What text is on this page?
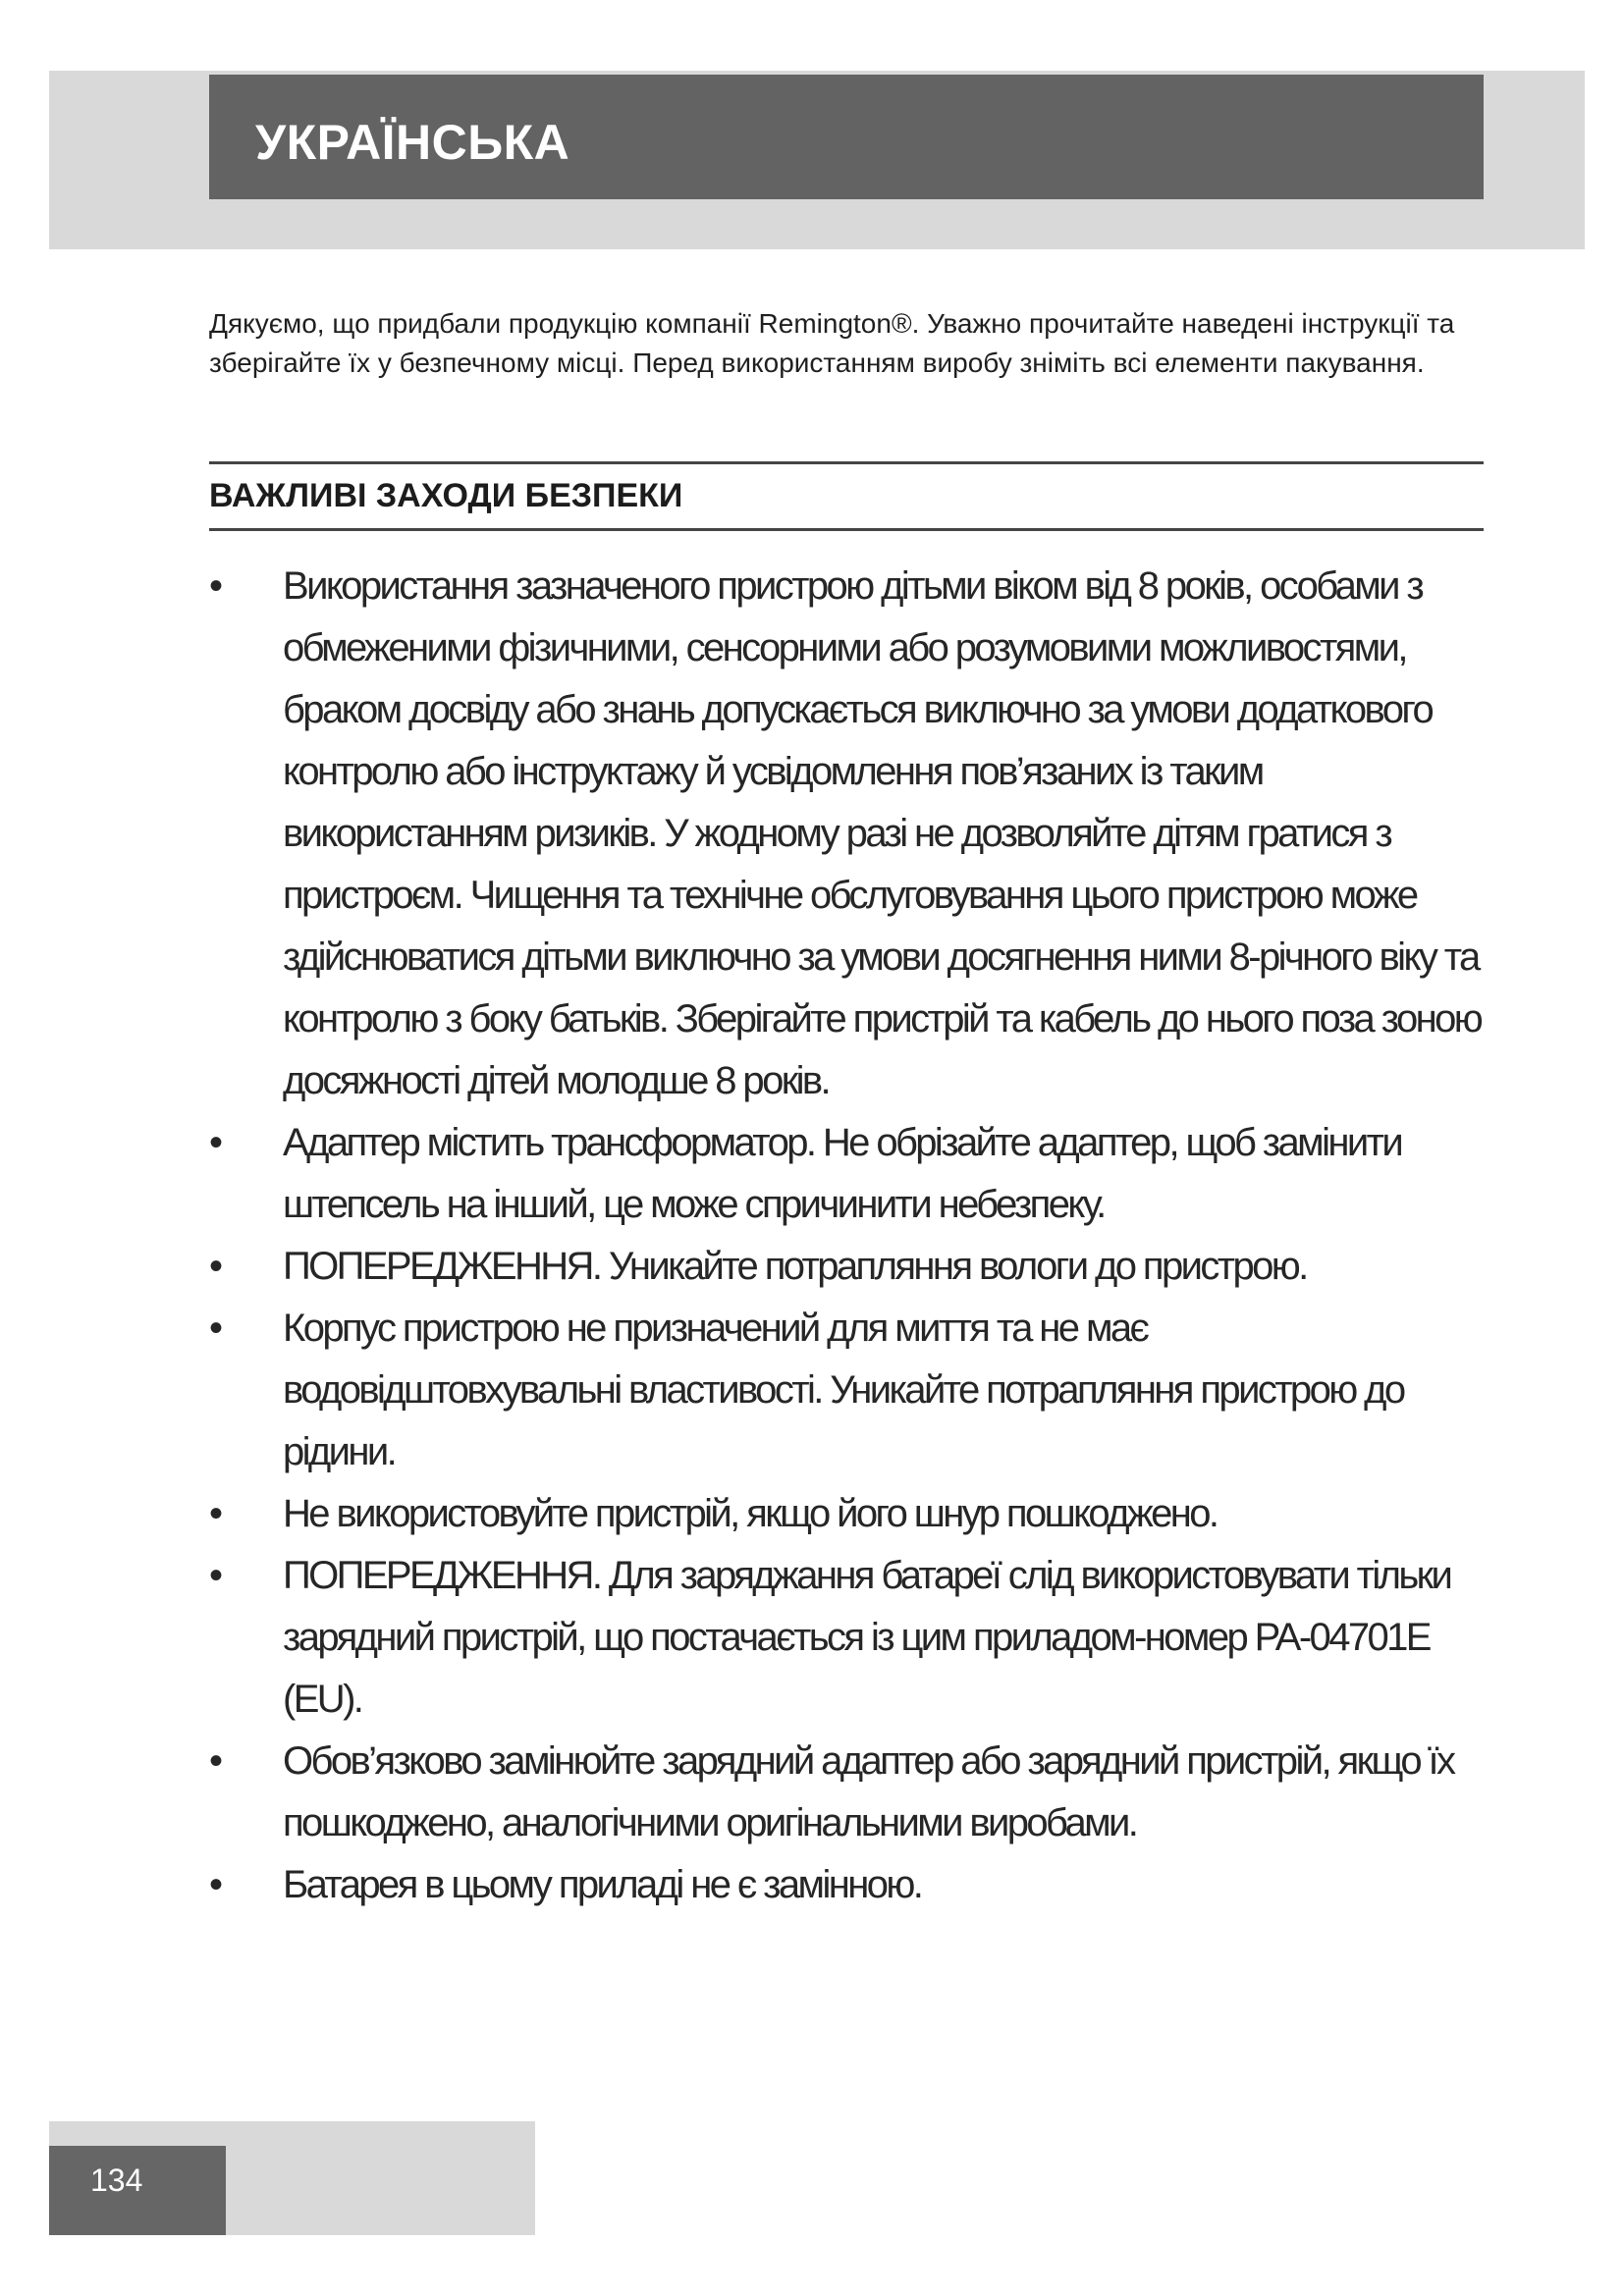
УКРАЇНСЬКА

Дякуємо, що придбали продукцію компанії Remington®. Уважно прочитайте наведені інструкції та зберігайте їх у безпечному місці. Перед використанням виробу зніміть всі елементи пакування.

ВАЖЛИВІ ЗАХОДИ БЕЗПЕКИ
•	Використання зазначеного пристрою дітьми віком від 8 років, особами з обмеженими фізичними, сенсорними або розумовими можливостями, браком досвіду або знань допускається виключно за умови додаткового контролю або інструктажу й усвідомлення пов’язаних із таким використанням ризиків. У жодному разі не дозволяйте дітям гратися з пристроєм. Чищення та технічне обслуговування цього пристрою може здійснюватися дітьми виключно за умови досягнення ними 8-річного віку та контролю з боку батьків. Зберігайте пристрій та кабель до нього поза зоною досяжності дітей молодше 8 років.
•	Адаптер містить трансформатор. Не обрізайте адаптер, щоб замінити штепсель на інший, це може спричинити небезпеку.
•	ПОПЕРЕДЖЕННЯ. Уникайте потрапляння вологи до пристрою.
•	Корпус пристрою не призначений для миття та не має водовідштовхувальні властивості. Уникайте потрапляння пристрою до рідини.
•	Не використовуйте пристрій, якщо його шнур пошкоджено.
•	ПОПЕРЕДЖЕННЯ. Для заряджання батареї слід використовувати тільки зарядний пристрій, що постачається із цим приладом-номер PA-04701E (EU).
•	Обов’язково замінюйте зарядний адаптер або зарядний пристрій, якщо їх пошкоджено, аналогічними оригінальними виробами.
•	Батарея в цьому приладі не є замінною.

134
